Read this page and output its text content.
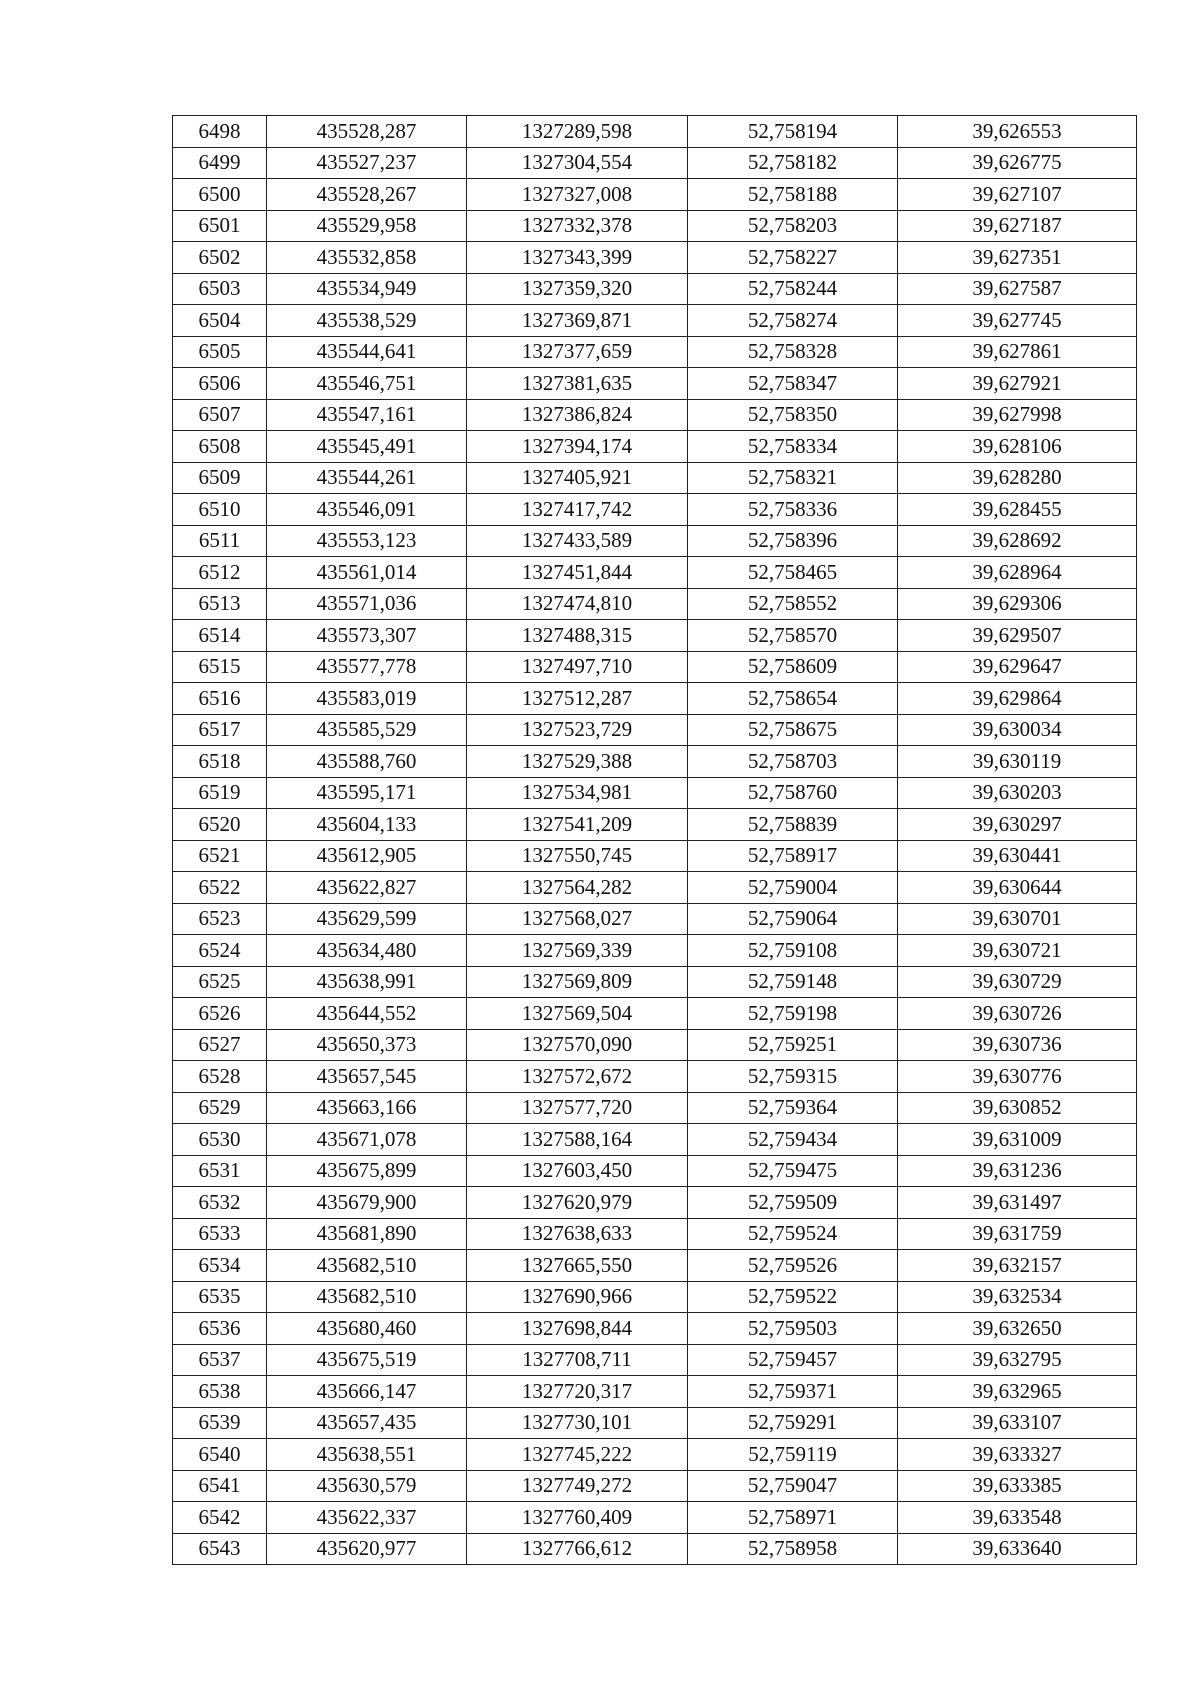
6498	435528,287	1327289,598	52,758194	39,626553
6499	435527,237	1327304,554	52,758182	39,626775
6500	435528,267	1327327,008	52,758188	39,627107
6501	435529,958	1327332,378	52,758203	39,627187
6502	435532,858	1327343,399	52,758227	39,627351
6503	435534,949	1327359,320	52,758244	39,627587
6504	435538,529	1327369,871	52,758274	39,627745
6505	435544,641	1327377,659	52,758328	39,627861
6506	435546,751	1327381,635	52,758347	39,627921
6507	435547,161	1327386,824	52,758350	39,627998
6508	435545,491	1327394,174	52,758334	39,628106
6509	435544,261	1327405,921	52,758321	39,628280
6510	435546,091	1327417,742	52,758336	39,628455
6511	435553,123	1327433,589	52,758396	39,628692
6512	435561,014	1327451,844	52,758465	39,628964
6513	435571,036	1327474,810	52,758552	39,629306
6514	435573,307	1327488,315	52,758570	39,629507
6515	435577,778	1327497,710	52,758609	39,629647
6516	435583,019	1327512,287	52,758654	39,629864
6517	435585,529	1327523,729	52,758675	39,630034
6518	435588,760	1327529,388	52,758703	39,630119
6519	435595,171	1327534,981	52,758760	39,630203
6520	435604,133	1327541,209	52,758839	39,630297
6521	435612,905	1327550,745	52,758917	39,630441
6522	435622,827	1327564,282	52,759004	39,630644
6523	435629,599	1327568,027	52,759064	39,630701
6524	435634,480	1327569,339	52,759108	39,630721
6525	435638,991	1327569,809	52,759148	39,630729
6526	435644,552	1327569,504	52,759198	39,630726
6527	435650,373	1327570,090	52,759251	39,630736
6528	435657,545	1327572,672	52,759315	39,630776
6529	435663,166	1327577,720	52,759364	39,630852
6530	435671,078	1327588,164	52,759434	39,631009
6531	435675,899	1327603,450	52,759475	39,631236
6532	435679,900	1327620,979	52,759509	39,631497
6533	435681,890	1327638,633	52,759524	39,631759
6534	435682,510	1327665,550	52,759526	39,632157
6535	435682,510	1327690,966	52,759522	39,632534
6536	435680,460	1327698,844	52,759503	39,632650
6537	435675,519	1327708,711	52,759457	39,632795
6538	435666,147	1327720,317	52,759371	39,632965
6539	435657,435	1327730,101	52,759291	39,633107
6540	435638,551	1327745,222	52,759119	39,633327
6541	435630,579	1327749,272	52,759047	39,633385
6542	435622,337	1327760,409	52,758971	39,633548
6543	435620,977	1327766,612	52,758958	39,633640
